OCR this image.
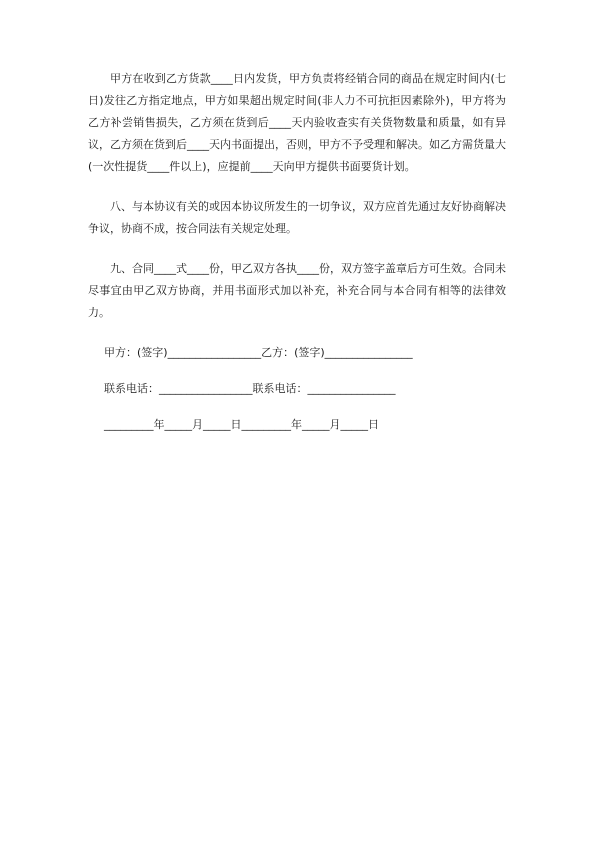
甲方在收到乙方货款____日内发货，甲方负责将经销合同的商品在规定时间内(七日)发往乙方指定地点，甲方如果超出规定时间(非人力不可抗拒因素除外)，甲方将为乙方补尝销售损失，乙方须在货到后____天内验收查实有关货物数量和质量，如有异议，乙方须在货到后____天内书面提出，否则，甲方不予受理和解决。如乙方需货量大(一次性提货____件以上)，应提前____天向甲方提供书面要货计划。

八、与本协议有关的或因本协议所发生的一切争议，双方应首先通过友好协商解决争议，协商不成，按合同法有关规定处理。

九、合同____式____份，甲乙双方各执____份，双方签字盖章后方可生效。合同未尽事宜由甲乙双方协商，并用书面形式加以补充，补充合同与本合同有相等的法律效力。

甲方：(签字)_________________乙方：(签字)________________
联系电话：_________________联系电话：________________
_________年_____月_____日_________年_____月_____日
